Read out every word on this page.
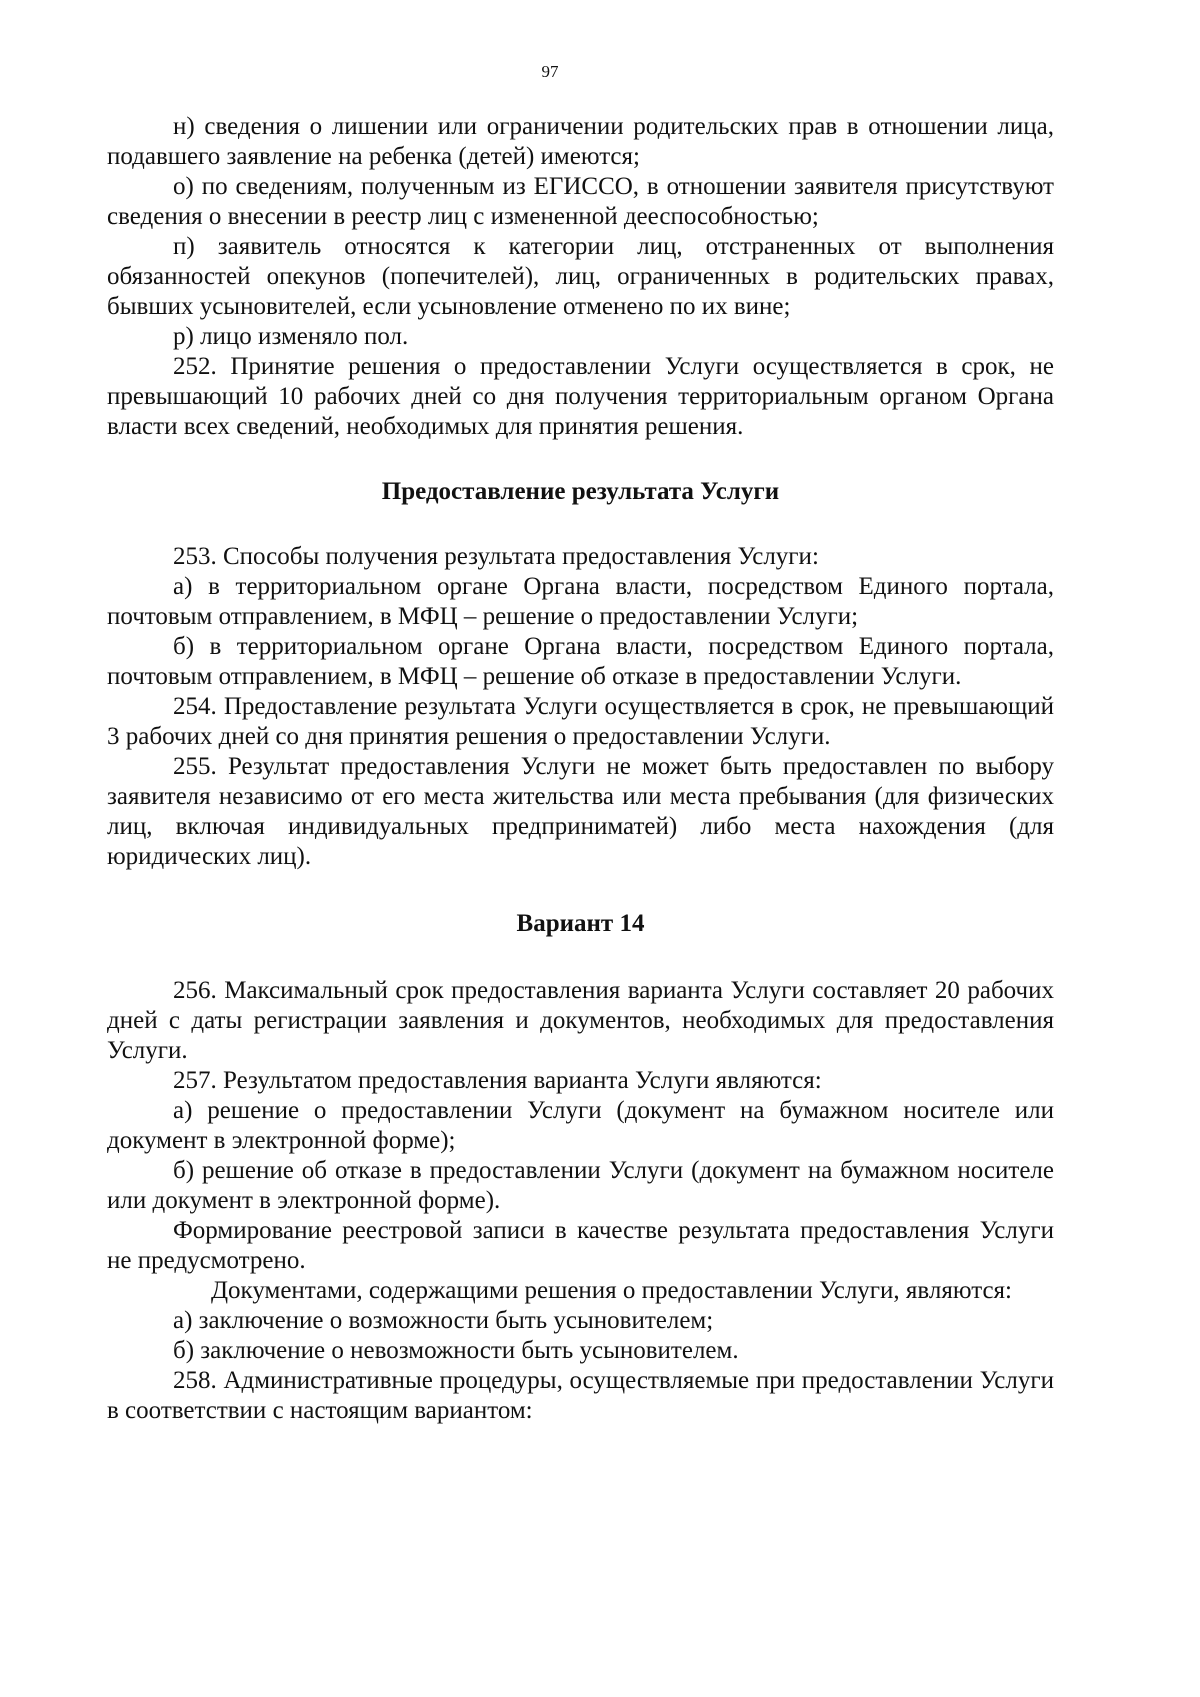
97

н) сведения о лишении или ограничении родительских прав в отношении лица, подавшего заявление на ребенка (детей) имеются;

о) по сведениям, полученным из ЕГИССО, в отношении заявителя присутствуют сведения о внесении в реестр лиц с измененной дееспособностью;

п) заявитель относятся к категории лиц, отстраненных от выполнения обязанностей опекунов (попечителей), лиц, ограниченных в родительских правах, бывших усыновителей, если усыновление отменено по их вине;

р) лицо изменяло пол.

252. Принятие решения о предоставлении Услуги осуществляется в срок, не превышающий 10 рабочих дней со дня получения территориальным органом Органа власти всех сведений, необходимых для принятия решения.

Предоставление результата Услуги

253. Способы получения результата предоставления Услуги:

а) в территориальном органе Органа власти, посредством Единого портала, почтовым отправлением, в МФЦ – решение о предоставлении Услуги;

б) в территориальном органе Органа власти, посредством Единого портала, почтовым отправлением, в МФЦ – решение об отказе в предоставлении Услуги.

254. Предоставление результата Услуги осуществляется в срок, не превышающий 3 рабочих дней со дня принятия решения о предоставлении Услуги.

255. Результат предоставления Услуги не может быть предоставлен по выбору заявителя независимо от его места жительства или места пребывания (для физических лиц, включая индивидуальных предприниматей) либо места нахождения (для юридических лиц).

Вариант 14

256. Максимальный срок предоставления варианта Услуги составляет 20 рабочих дней с даты регистрации заявления и документов, необходимых для предоставления Услуги.

257. Результатом предоставления варианта Услуги являются:

а) решение о предоставлении Услуги (документ на бумажном носителе или документ в электронной форме);

б) решение об отказе в предоставлении Услуги (документ на бумажном носителе или документ в электронной форме).

Формирование реестровой записи в качестве результата предоставления Услуги не предусмотрено.

Документами, содержащими решения о предоставлении Услуги, являются:

а) заключение о возможности быть усыновителем;

б) заключение о невозможности быть усыновителем.

258. Административные процедуры, осуществляемые при предоставлении Услуги в соответствии с настоящим вариантом:
